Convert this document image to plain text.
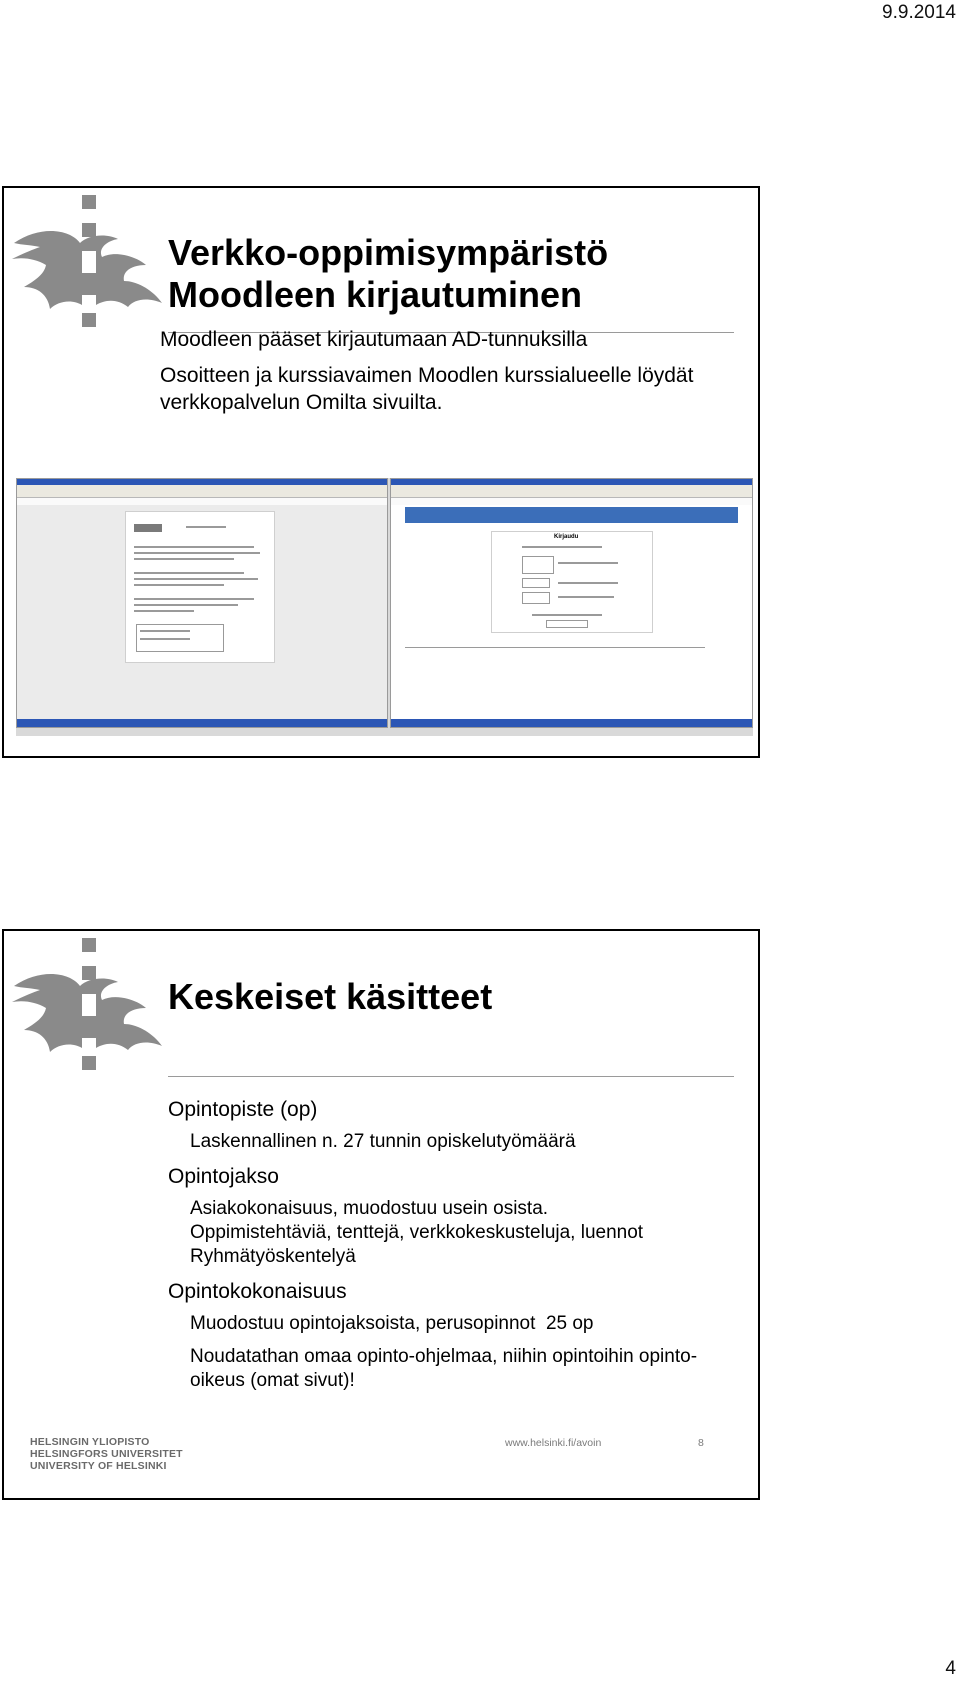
9.9.2014
Verkko-oppimisympäristö
Moodleen kirjautuminen

Moodleen pääset kirjautumaan AD-tunnuksilla

Osoitteen ja kurssiavaimen Moodlen kurssialueelle löydät verkkopalvelun Omilta sivuilta.

Kirjaudu
Keskeiset käsitteet
Opintopiste (op)
Laskennallinen n. 27 tunnin opiskelutyömäärä
Opintojakso
Asiakokonaisuus, muodostuu usein osista.
Oppimistehtäviä, tenttejä, verkkokeskusteluja, luennot
Ryhmätyöskentelyä
Opintokokonaisuus
Muodostuu opintojaksoista, perusopinnot  25 op
Noudatathan omaa opinto-ohjelmaa, niihin opintoihin opinto-oikeus (omat sivut)!
HELSINGIN YLIOPISTO
HELSINGFORS UNIVERSITET
UNIVERSITY OF HELSINKI
www.helsinki.fi/avoin	8
4
